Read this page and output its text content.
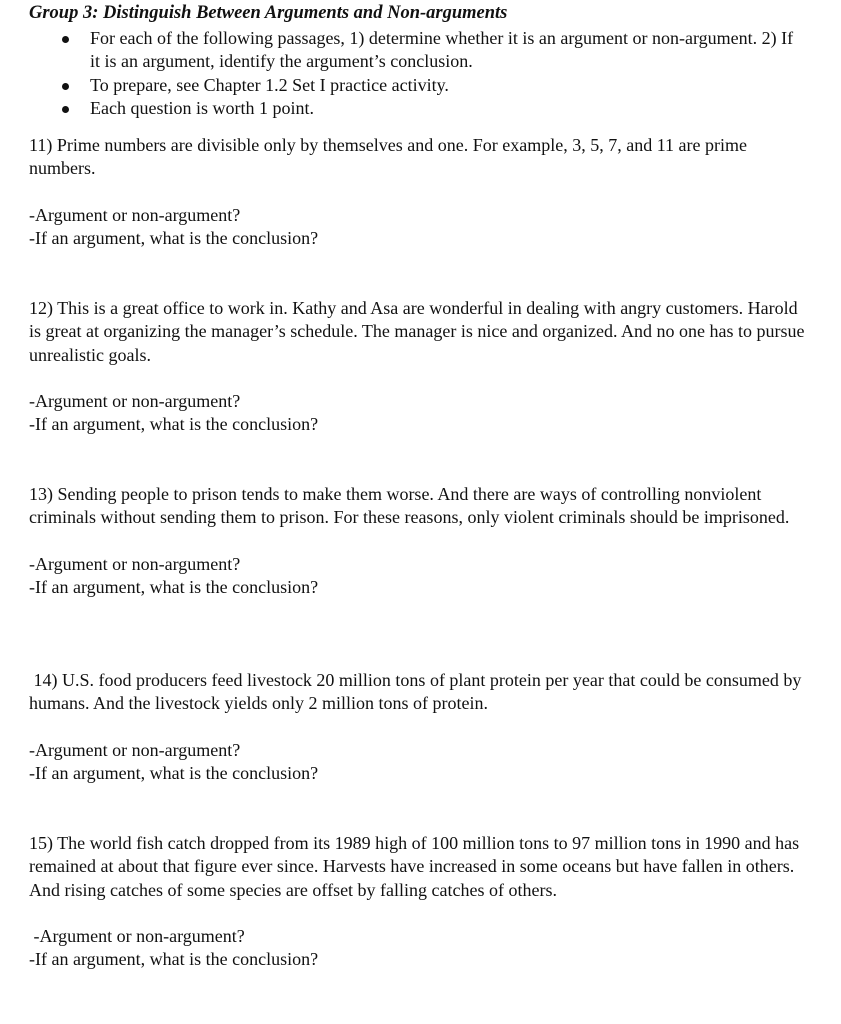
Group 3: Distinguish Between Arguments and Non-arguments
For each of the following passages, 1) determine whether it is an argument or non-argument. 2) If it is an argument, identify the argument’s conclusion.
To prepare, see Chapter 1.2 Set I practice activity.
Each question is worth 1 point.

11) Prime numbers are divisible only by themselves and one. For example, 3, 5, 7, and 11 are prime numbers.

-Argument or non-argument?
-If an argument, what is the conclusion?

12) This is a great office to work in. Kathy and Asa are wonderful in dealing with angry customers. Harold is great at organizing the manager’s schedule. The manager is nice and organized. And no one has to pursue unrealistic goals.

-Argument or non-argument?
-If an argument, what is the conclusion?

13) Sending people to prison tends to make them worse. And there are ways of controlling nonviolent criminals without sending them to prison. For these reasons, only violent criminals should be imprisoned.

-Argument or non-argument?
-If an argument, what is the conclusion?

14) U.S. food producers feed livestock 20 million tons of plant protein per year that could be consumed by humans. And the livestock yields only 2 million tons of protein.

-Argument or non-argument?
-If an argument, what is the conclusion?

15) The world fish catch dropped from its 1989 high of 100 million tons to 97 million tons in 1990 and has remained at about that figure ever since. Harvests have increased in some oceans but have fallen in others. And rising catches of some species are offset by falling catches of others.

-Argument or non-argument?
-If an argument, what is the conclusion?
